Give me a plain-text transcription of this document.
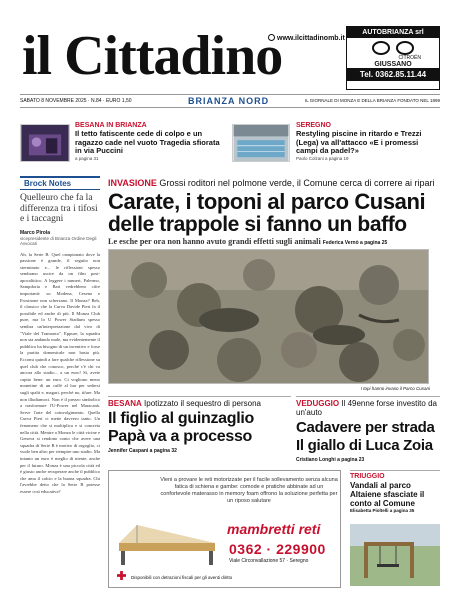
il Cittadino
www.ilcittadinomb.it
AUTOBRIANZA srl
CITROËN
GIUSSANO
Tel. 0362.85.11.44
SABATO 8 NOVEMBRE 2025 · N.84 · EURO 1,50	BRIANZA NORD	IL GIORNALE DI MONZA E DELLA BRIANZA FONDATO NEL 1899
BESANA IN BRIANZA
Il tetto fatiscente cede di colpo e un ragazzo cade nel vuoto Tragedia sfiorata in via Puccini
a pagina 31
SEREGNO
Restyling piscine in ritardo e Trezzi (Lega) va all'attacco «E i promessi campi da padel?»
Paolo Colzani a pagina 19
Brock Notes
Quelleuro che fa la differenza tra i tifosi e i taccagni
Marco Pirola
vicepresidente di Brianza Ordine Degli Avvocati
Ah, la Serie B. Quel campionato dove la passione è grande, il seguito non sterminato e... le riflessioni spesso sembrano uscire da un film post-apocalittico. A leggere i numeri, Palermo, Sampdoria e Bari vedrebbero cifre importanti: su Modena, Cesena e Frosinone non scherzano. Il Monza? Beh, il classico che la Curva Davide Pieri fa il possibile ed anche di più. Il Monza Club pure, ma lo U Power Stadium spesso sembra un'interpretazione dal vivo di "Viale del Tramonto". Eppure, la squadra non sta andando male, ma evidentemente il pubblico ha bisogno di un incentivo e forse la partita domenicale non basta più. Eccomi quindi a fare qualche riflessione su quel club che conosco, perché c'è chi va ancora allo stadio... a un euro! Sì, avete capito bene: un euro. Ci vogliono meno monetine di un caffè al bar per sedersi sugli spalti e, magari, perché no, tifare. Ma non illudiamoci. Non è il prezzo simbolico a trasformare l'U-Power nel Maracanà. Serve l'arte del coinvolgimento. Quella Curva Pieri ci mette davvero tanto. Un fenomeno che si moltiplica e si concreta nella città. Mentre a Monza le città vicine e Genova si rendono conto che avere una squadra di Serie B è motivo di orgoglio, ci vuole ben altro per riempire uno stadio. Ma intanto un euro è meglio di niente, anche per il futuro. Monza è una piccola città ed è giusto anche recuperare anche il pubblico che ama il calcio e la buona squadra. Chi l'avrebbe detto che la Serie B potesse essere così educativa?
INVASIONE Grossi roditori nel polmone verde, il Comune cerca di correre ai ripari
Carate, i toponi al parco Cusani
delle trappole si fanno un baffo
Le esche per ora non hanno avuto grandi effetti sugli animali Federica Vernò a pagina 25
I topi hanno invaso il Parco Cusani
BESANA Ipotizzato il sequestro di persona
Il figlio al guinzaglio
Papà va a processo
Jennifer Caspani a pagina 32
VEDUGGIO Il 49enne forse investito da un'auto
Cadavere per strada
Il giallo di Luca Zoia
Cristiano Longhi a pagina 23
Vieni a provare le reti motorizzate per il facile sollevamento senza alcuna fatica di schiena e gambe: comode e pratiche abbinate ad un confortevole materasso in memory foam offrono la soluzione perfetta per un riposo salutare
mambretti reti
0362 · 229900
Viale Circonvallazione 57 · Seregno
Disponibili con detrazioni fiscali per gli aventi diritto
TRIUGGIO
Vandali al parco Altaiene sfasciate il conto al Comune
Elisabetta Pioltelli a pagina 35
